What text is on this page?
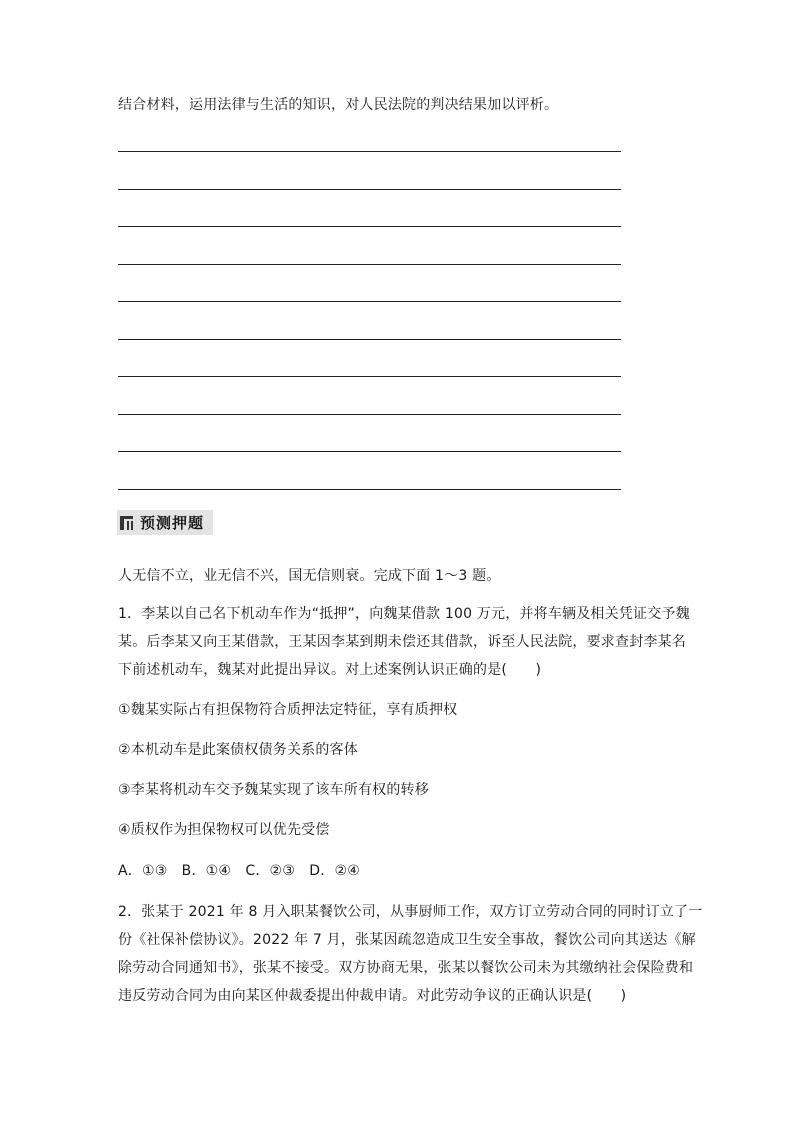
结合材料，运用法律与生活的知识，对人民法院的判决结果加以评析。
预测押题
人无信不立，业无信不兴，国无信则衰。完成下面 1～3 题。
1．李某以自己名下机动车作为“抵押”，向魏某借款 100 万元，并将车辆及相关凭证交予魏
某。后李某又向王某借款，王某因李某到期未偿还其借款，诉至人民法院，要求查封李某名
下前述机动车，魏某对此提出异议。对上述案例认识正确的是(　　)
①魏某实际占有担保物符合质押法定特征，享有质押权
②本机动车是此案债权债务关系的客体
③李某将机动车交予魏某实现了该车所有权的转移
④质权作为担保物权可以优先受偿
A．①③　B．①④　C．②③　D．②④
2．张某于 2021 年 8 月入职某餐饮公司，从事厨师工作，双方订立劳动合同的同时订立了一
份《社保补偿协议》。2022 年 7 月，张某因疏忽造成卫生安全事故，餐饮公司向其送达《解
除劳动合同通知书》，张某不接受。双方协商无果，张某以餐饮公司未为其缴纳社会保险费和
违反劳动合同为由向某区仲裁委提出仲裁申请。对此劳动争议的正确认识是(　　)
